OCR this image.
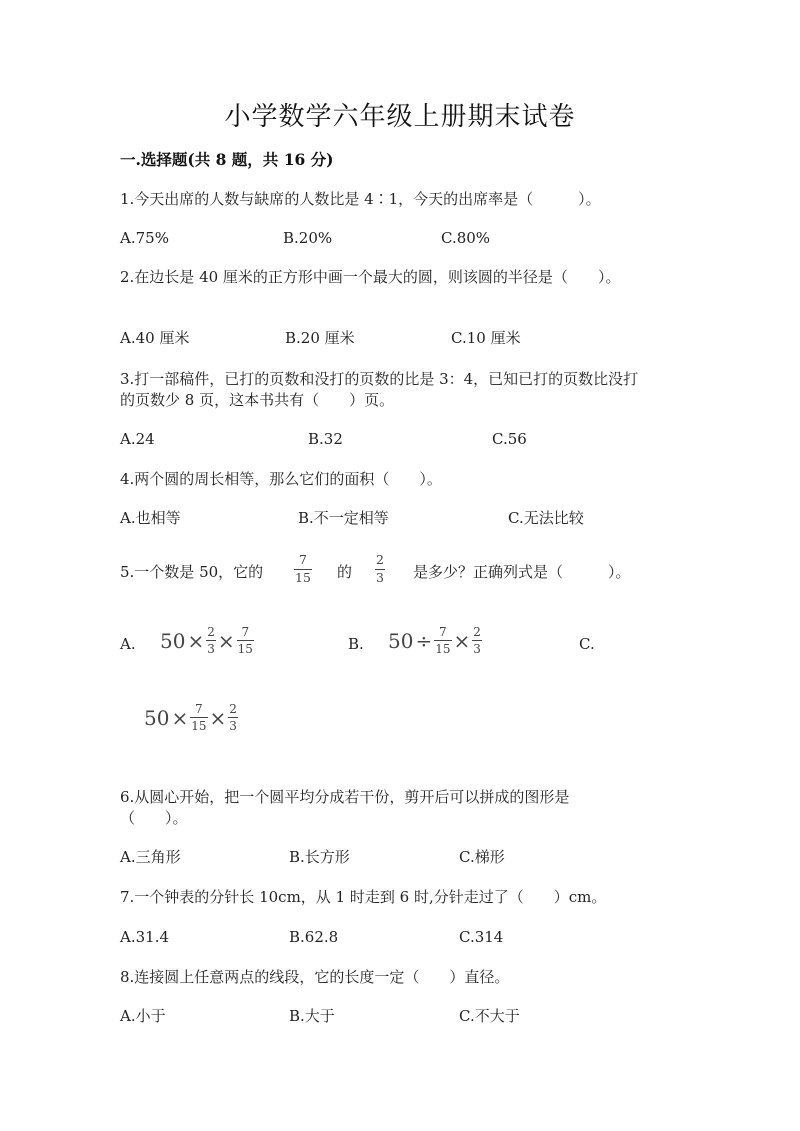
小学数学六年级上册期末试卷
一.选择题(共 8 题，共 16 分)
1.今天出席的人数与缺席的人数比是 4∶1，今天的出席率是（　　　）。
A.75%	B.20%	C.80%
2.在边长是 40 厘米的正方形中画一个最大的圆，则该圆的半径是（　　）。
A.40 厘米	B.20 厘米	C.10 厘米
3.打一部稿件，已打的页数和没打的页数的比是 3：4，已知已打的页数比没打
的页数少 8 页，这本书共有（　　）页。
A.24	B.32	C.56
4.两个圆的周长相等，那么它们的面积（　　）。
A.也相等	B.不一定相等	C.无法比较
5.一个数是 50，它的 $\frac{7}{15}$ 的 $\frac{2}{3}$ 是多少？正确列式是（　　　）。
A. $50 \times \frac{2}{3} \times \frac{7}{15}$	B. $50 \div \frac{7}{15} \times \frac{2}{3}$	C.
$50 \times \frac{7}{15} \times \frac{2}{3}$
6.从圆心开始，把一个圆平均分成若干份，剪开后可以拼成的图形是
（　　）。
A.三角形	B.长方形	C.梯形
7.一个钟表的分针长 10cm，从 1 时走到 6 时,分针走过了（　　）cm。
A.31.4	B.62.8	C.314
8.连接圆上任意两点的线段，它的长度一定（　　）直径。
A.小于	B.大于	C.不大于
